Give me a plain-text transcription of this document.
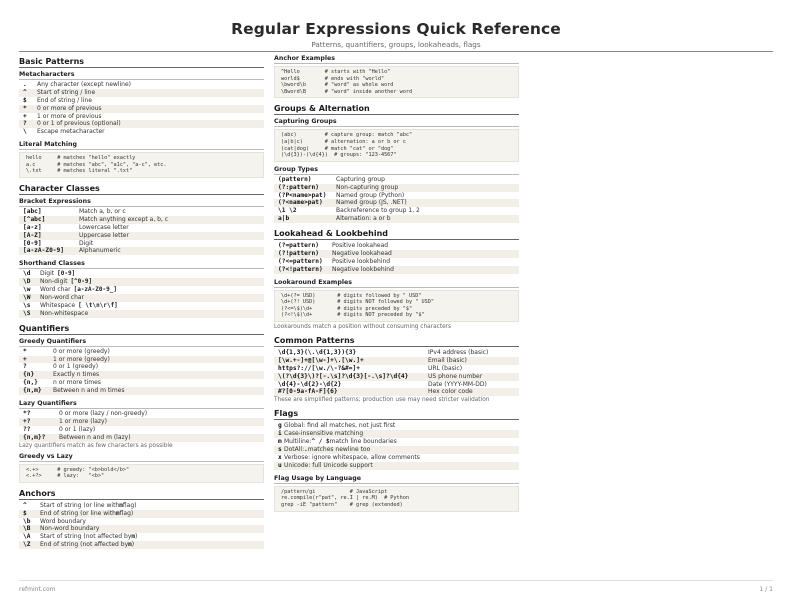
Regular Expressions Quick Reference
Patterns, quantifiers, groups, lookaheads, flags
Basic Patterns
Metacharacters
.	Any character (except newline)
^	Start of string / line
$	End of string / line
*	0 or more of previous
+	1 or more of previous
?	0 or 1 of previous (optional)
\	Escape metacharacter
Literal Matching
hello     # matches "hello" exactly
a.c       # matches "abc", "a1c", "a-c", etc.
\.txt     # matches literal ".txt"
Character Classes
Bracket Expressions
[abc]	Match a, b, or c
[^abc]	Match anything except a, b, c
[a-z]	Lowercase letter
[A-Z]	Uppercase letter
[0-9]	Digit
[a-zA-Z0-9]	Alphanumeric
Shorthand Classes
\d	Digit [0-9]
\D	Non-digit [^0-9]
\w	Word char [a-zA-Z0-9_]
\W	Non-word char
\s	Whitespace [ \t\n\r\f]
\S	Non-whitespace
Quantifiers
Greedy Quantifiers
*	0 or more (greedy)
+	1 or more (greedy)
?	0 or 1 (greedy)
{n}	Exactly n times
{n,}	n or more times
{n,m}	Between n and m times
Lazy Quantifiers
*?	0 or more (lazy / non-greedy)
+?	1 or more (lazy)
??	0 or 1 (lazy)
{n,m}?	Between n and m (lazy)
Lazy quantifiers match as few characters as possible
Greedy vs Lazy
<.+>      # greedy: "<b>bold</b>"
<.+?>     # lazy:   "<b>"
Anchors
^	Start of string (or line with m flag)
$	End of string (or line with m flag)
\b	Word boundary
\B	Non-word boundary
\A	Start of string (not affected by m )
\Z	End of string (not affected by m )
Anchor Examples
^Hello        # starts with "Hello"
world$        # ends with "world"
\bword\b      # "word" as whole word
\Bword\B      # "word" inside another word
Groups & Alternation
Capturing Groups
(abc)         # capture group: match "abc"
(a|b|c)       # alternation: a or b or c
(cat|dog)     # match "cat" or "dog"
(\d{3})-(\d{4})  # groups: "123-4567"
Group Types
(pattern)	Capturing group
(?:pattern)	Non-capturing group
(?P<name>pat)	Named group (Python)
(?<name>pat)	Named group (JS, .NET)
\1 \2	Backreference to group 1, 2
a|b	Alternation: a or b
Lookahead & Lookbehind
(?=pattern)	Positive lookahead
(?!pattern)	Negative lookahead
(?<=pattern)	Positive lookbehind
(?<!pattern)	Negative lookbehind
Lookaround Examples
\d+(?= USD)       # digits followed by " USD"
\d+(?! USD)       # digits NOT followed by " USD"
(?<=\$)\d+        # digits preceded by "$"
(?<!\$)\d+        # digits NOT preceded by "$"
Lookarounds match a position without consuming characters
Common Patterns
\d{1,3}(\.\d{1,3}){3}	IPv4 address (basic)
[\w.+-]+@[\w-]+\.[\w.]+	Email (basic)
https?://[\w./\-?&#=]+	URL (basic)
\(?\d{3}\)?[-.\s]?\d{3}[-.\s]?\d{4}	US phone number
\d{4}-\d{2}-\d{2}	Date (YYYY-MM-DD)
#?[0-9a-fA-F]{6}	Hex color code
These are simplified patterns; production use may need stricter validation
Flags
g Global: find all matches, not just first
i Case-insensitive matching
m Multiline: ^ / $ match line boundaries
s DotAll: . matches newline too
x Verbose: ignore whitespace, allow comments
u Unicode: full Unicode support
Flag Usage by Language
/pattern/gi           # JavaScript
re.compile(r"pat", re.I | re.M)  # Python
grep -iE "pattern"    # grep (extended)
refmint.com	1 / 1
